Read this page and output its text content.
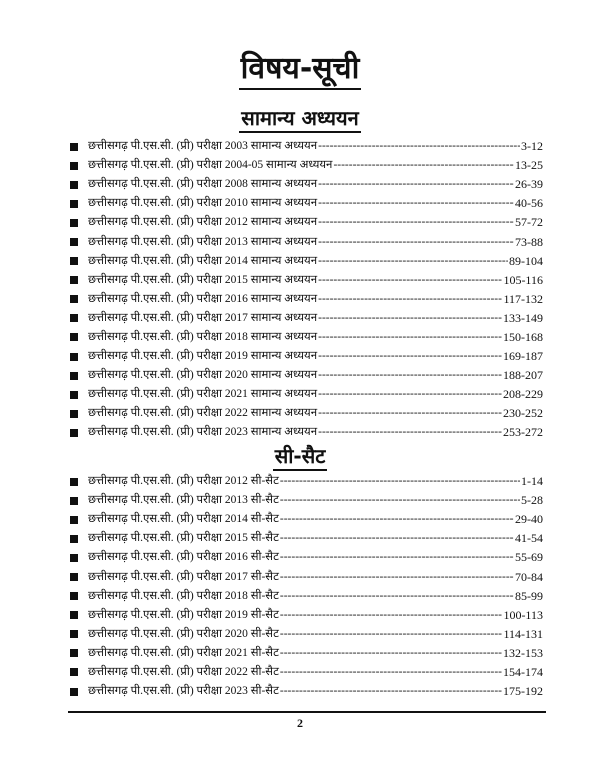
विषय-सूची
सामान्य अध्ययन
छत्तीसगढ़ पी.एस.सी. (प्री) परीक्षा 2003 सामान्य अध्ययन -----	3-12
छत्तीसगढ़ पी.एस.सी. (प्री) परीक्षा 2004-05 सामान्य अध्ययन -----	13-25
छत्तीसगढ़ पी.एस.सी. (प्री) परीक्षा 2008 सामान्य अध्ययन -----	26-39
छत्तीसगढ़ पी.एस.सी. (प्री) परीक्षा 2010 सामान्य अध्ययन -----	40-56
छत्तीसगढ़ पी.एस.सी. (प्री) परीक्षा 2012 सामान्य अध्ययन -----	57-72
छत्तीसगढ़ पी.एस.सी. (प्री) परीक्षा 2013 सामान्य अध्ययन -----	73-88
छत्तीसगढ़ पी.एस.सी. (प्री) परीक्षा 2014 सामान्य अध्ययन -----	89-104
छत्तीसगढ़ पी.एस.सी. (प्री) परीक्षा 2015 सामान्य अध्ययन -----	105-116
छत्तीसगढ़ पी.एस.सी. (प्री) परीक्षा 2016 सामान्य अध्ययन -----	117-132
छत्तीसगढ़ पी.एस.सी. (प्री) परीक्षा 2017 सामान्य अध्ययन -----	133-149
छत्तीसगढ़ पी.एस.सी. (प्री) परीक्षा 2018 सामान्य अध्ययन -----	150-168
छत्तीसगढ़ पी.एस.सी. (प्री) परीक्षा 2019 सामान्य अध्ययन -----	169-187
छत्तीसगढ़ पी.एस.सी. (प्री) परीक्षा 2020 सामान्य अध्ययन -----	188-207
छत्तीसगढ़ पी.एस.सी. (प्री) परीक्षा 2021 सामान्य अध्ययन -----	208-229
छत्तीसगढ़ पी.एस.सी. (प्री) परीक्षा 2022 सामान्य अध्ययन -----	230-252
छत्तीसगढ़ पी.एस.सी. (प्री) परीक्षा 2023 सामान्य अध्ययन -----	253-272
सी-सैट
छत्तीसगढ़ पी.एस.सी. (प्री) परीक्षा 2012 सी-सैट -----	1-14
छत्तीसगढ़ पी.एस.सी. (प्री) परीक्षा 2013 सी-सैट -----	5-28
छत्तीसगढ़ पी.एस.सी. (प्री) परीक्षा 2014 सी-सैट -----	29-40
छत्तीसगढ़ पी.एस.सी. (प्री) परीक्षा 2015 सी-सैट -----	41-54
छत्तीसगढ़ पी.एस.सी. (प्री) परीक्षा 2016 सी-सैट -----	55-69
छत्तीसगढ़ पी.एस.सी. (प्री) परीक्षा 2017 सी-सैट -----	70-84
छत्तीसगढ़ पी.एस.सी. (प्री) परीक्षा 2018 सी-सैट -----	85-99
छत्तीसगढ़ पी.एस.सी. (प्री) परीक्षा 2019 सी-सैट -----	100-113
छत्तीसगढ़ पी.एस.सी. (प्री) परीक्षा 2020 सी-सैट -----	114-131
छत्तीसगढ़ पी.एस.सी. (प्री) परीक्षा 2021 सी-सैट -----	132-153
छत्तीसगढ़ पी.एस.सी. (प्री) परीक्षा 2022 सी-सैट -----	154-174
छत्तीसगढ़ पी.एस.सी. (प्री) परीक्षा 2023 सी-सैट -----	175-192
2
